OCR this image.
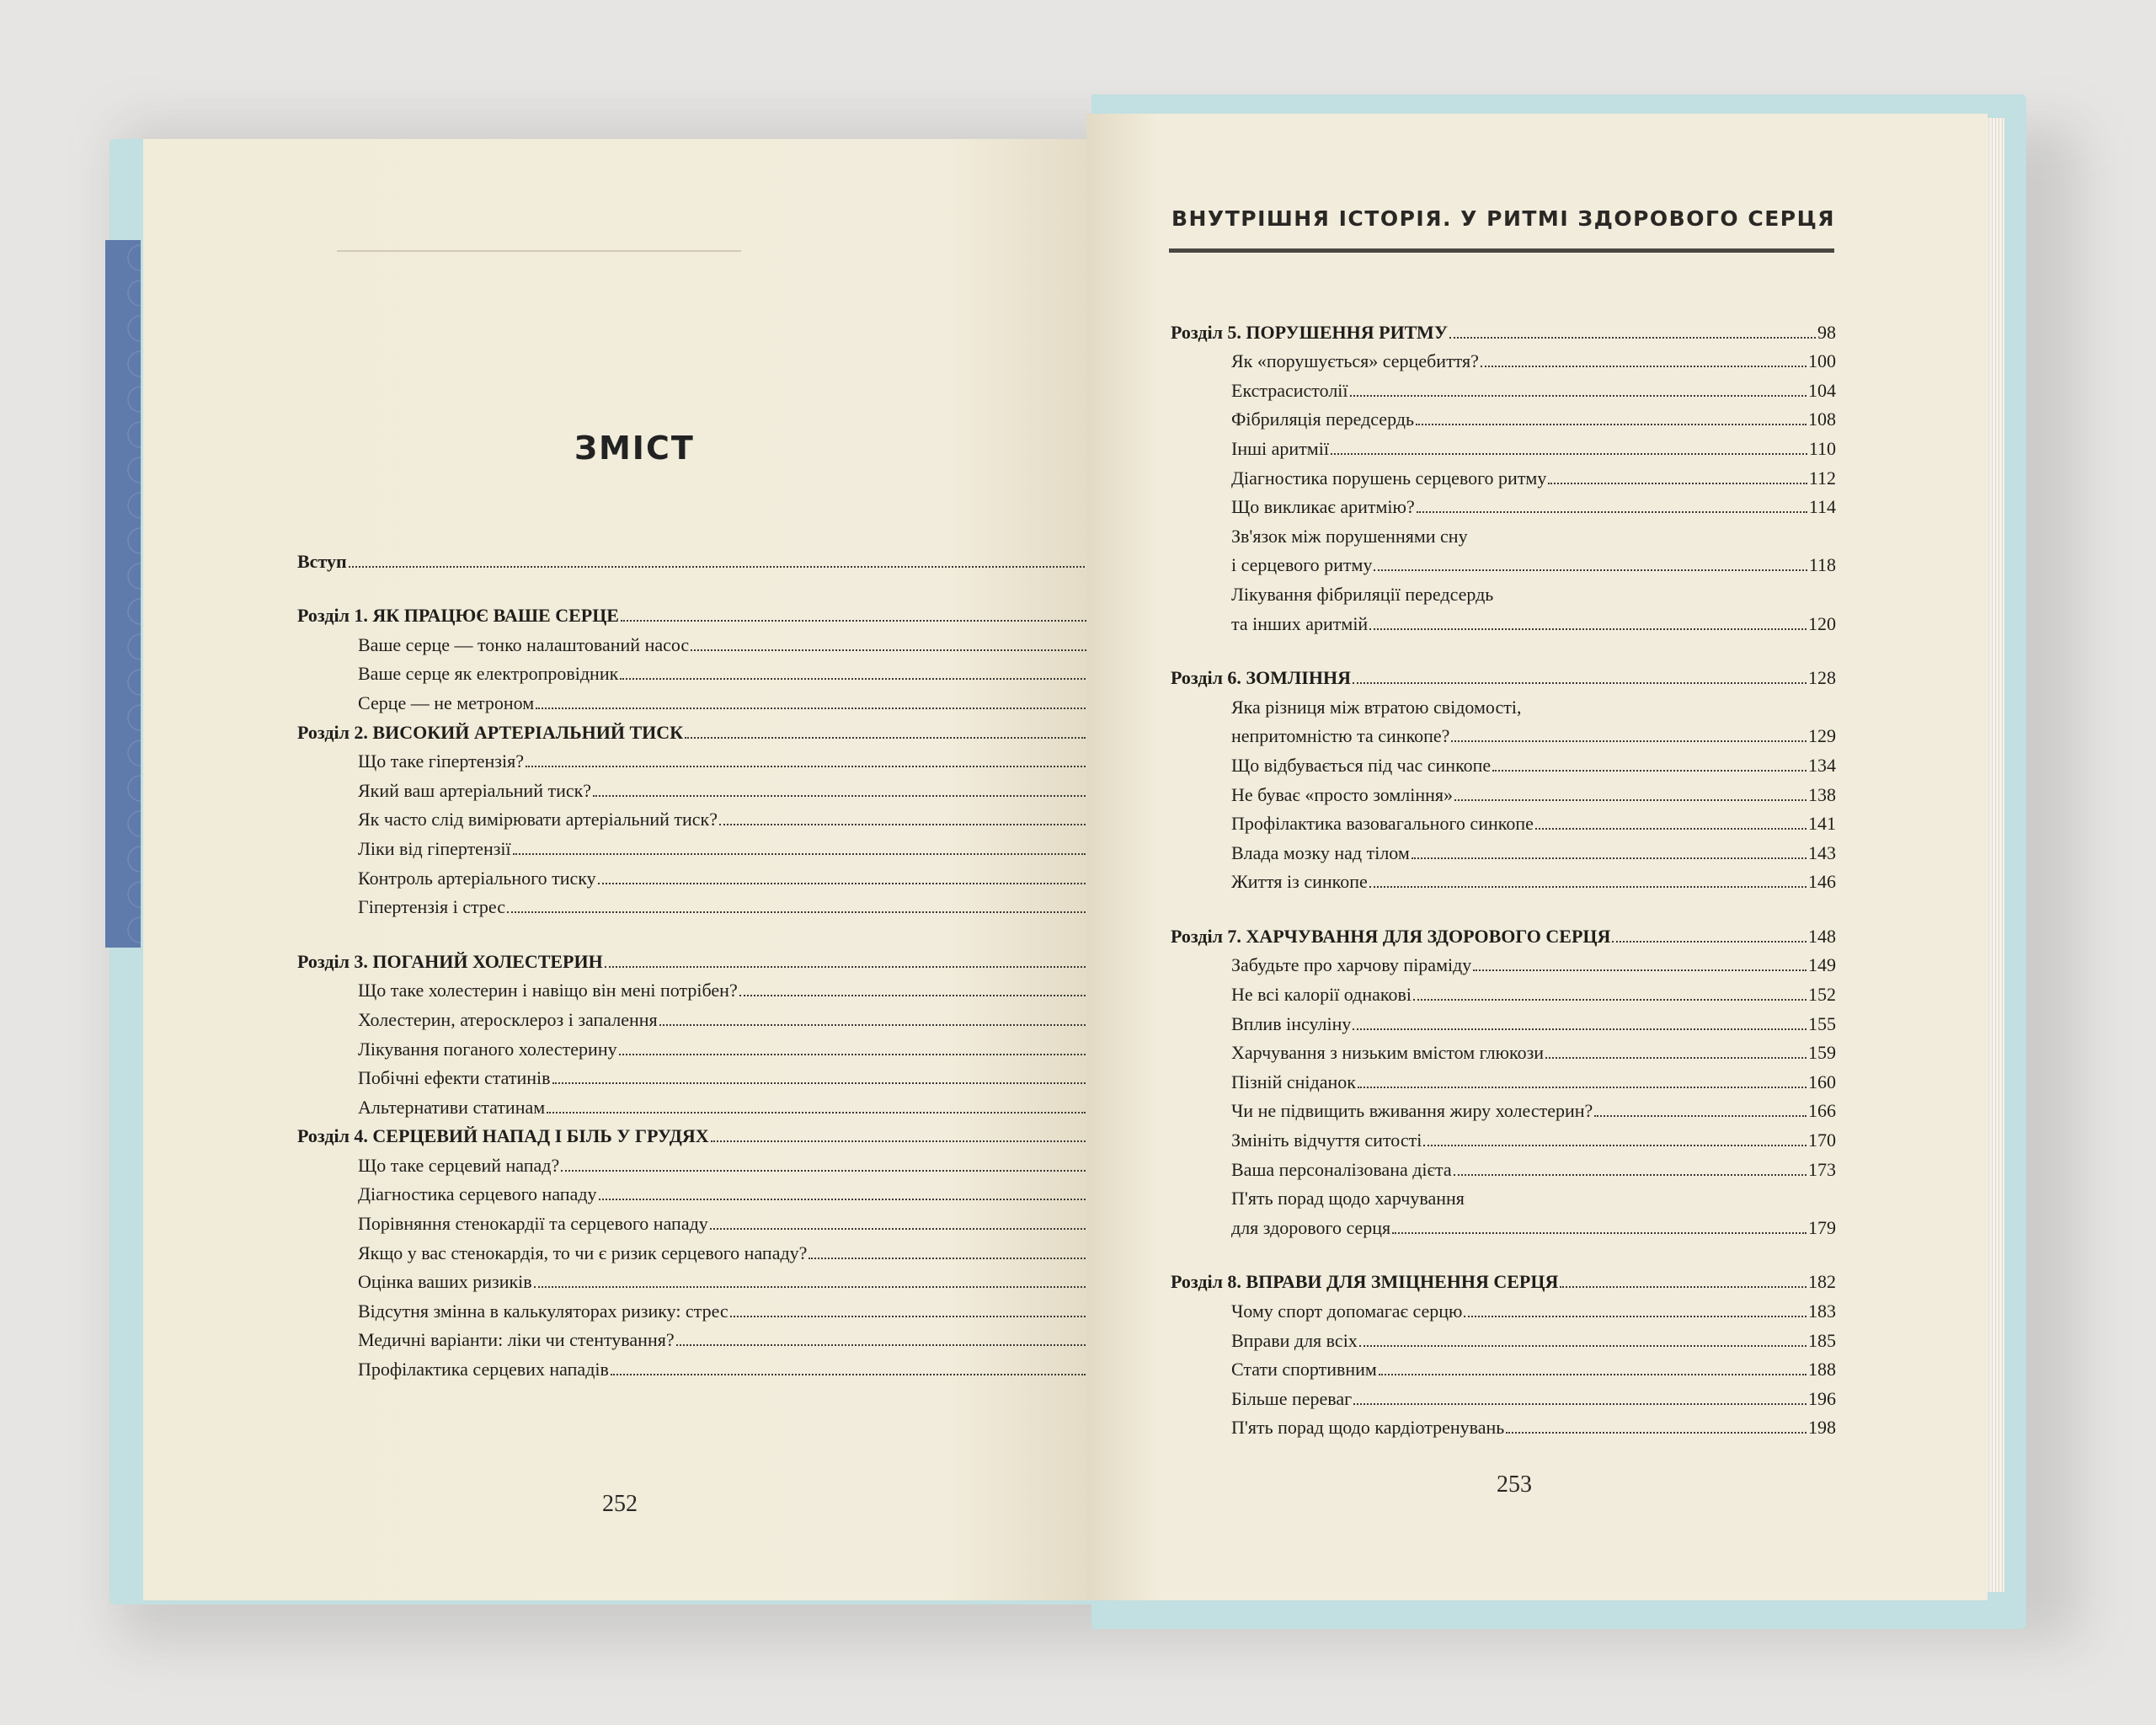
ЗМІСТ
Вступ
Розділ 1. ЯК ПРАЦЮЄ ВАШЕ СЕРЦЕ
Ваше серце — тонко налаштований насос
Ваше серце як електропровідник
Серце — не метроном
Розділ 2. ВИСОКИЙ АРТЕРІАЛЬНИЙ ТИСК
Що таке гіпертензія?
Який ваш артеріальний тиск?
Як часто слід вимірювати артеріальний тиск?
Ліки від гіпертензії
Контроль артеріального тиску
Гіпертензія і стрес
Розділ 3. ПОГАНИЙ ХОЛЕСТЕРИН
Що таке холестерин і навіщо він мені потрібен?
Холестерин, атеросклероз і запалення
Лікування поганого холестерину
Побічні ефекти статинів
Альтернативи статинам
Розділ 4. СЕРЦЕВИЙ НАПАД І БІЛЬ У ГРУДЯХ
Що таке серцевий напад?
Діагностика серцевого нападу
Порівняння стенокардії та серцевого нападу
Якщо у вас стенокардія, то чи є ризик серцевого нападу?
Оцінка ваших ризиків
Відсутня змінна в калькуляторах ризику: стрес
Медичні варіанти: ліки чи стентування?
Профілактика серцевих нападів
252
ВНУТРІШНЯ ІСТОРІЯ. У РИТМІ ЗДОРОВОГО СЕРЦЯ
Розділ 5. ПОРУШЕННЯ РИТМУ	98
Як «порушується» серцебиття?	100
Екстрасистолії	104
Фібриляція передсердь	108
Інші аритмії	110
Діагностика порушень серцевого ритму	112
Що викликає аритмію?	114
Зв'язок між порушеннями сну
і серцевого ритму	118
Лікування фібриляції передсердь
та інших аритмій	120
Розділ 6. ЗОМЛІННЯ	128
Яка різниця між втратою свідомості,
непритомністю та синкопе?	129
Що відбувається під час синкопе	134
Не буває «просто зомління»	138
Профілактика вазовагального синкопе	141
Влада мозку над тілом	143
Життя із синкопе	146
Розділ 7. ХАРЧУВАННЯ ДЛЯ ЗДОРОВОГО СЕРЦЯ	148
Забудьте про харчову піраміду	149
Не всі калорії однакові	152
Вплив інсуліну	155
Харчування з низьким вмістом глюкози	159
Пізній сніданок	160
Чи не підвищить вживання жиру холестерин?	166
Змініть відчуття ситості	170
Ваша персоналізована дієта	173
П'ять порад щодо харчування
для здорового серця	179
Розділ 8. ВПРАВИ ДЛЯ ЗМІЦНЕННЯ СЕРЦЯ	182
Чому спорт допомагає серцю	183
Вправи для всіх	185
Стати спортивним	188
Більше переваг	196
П'ять порад щодо кардіотренувань	198
253
